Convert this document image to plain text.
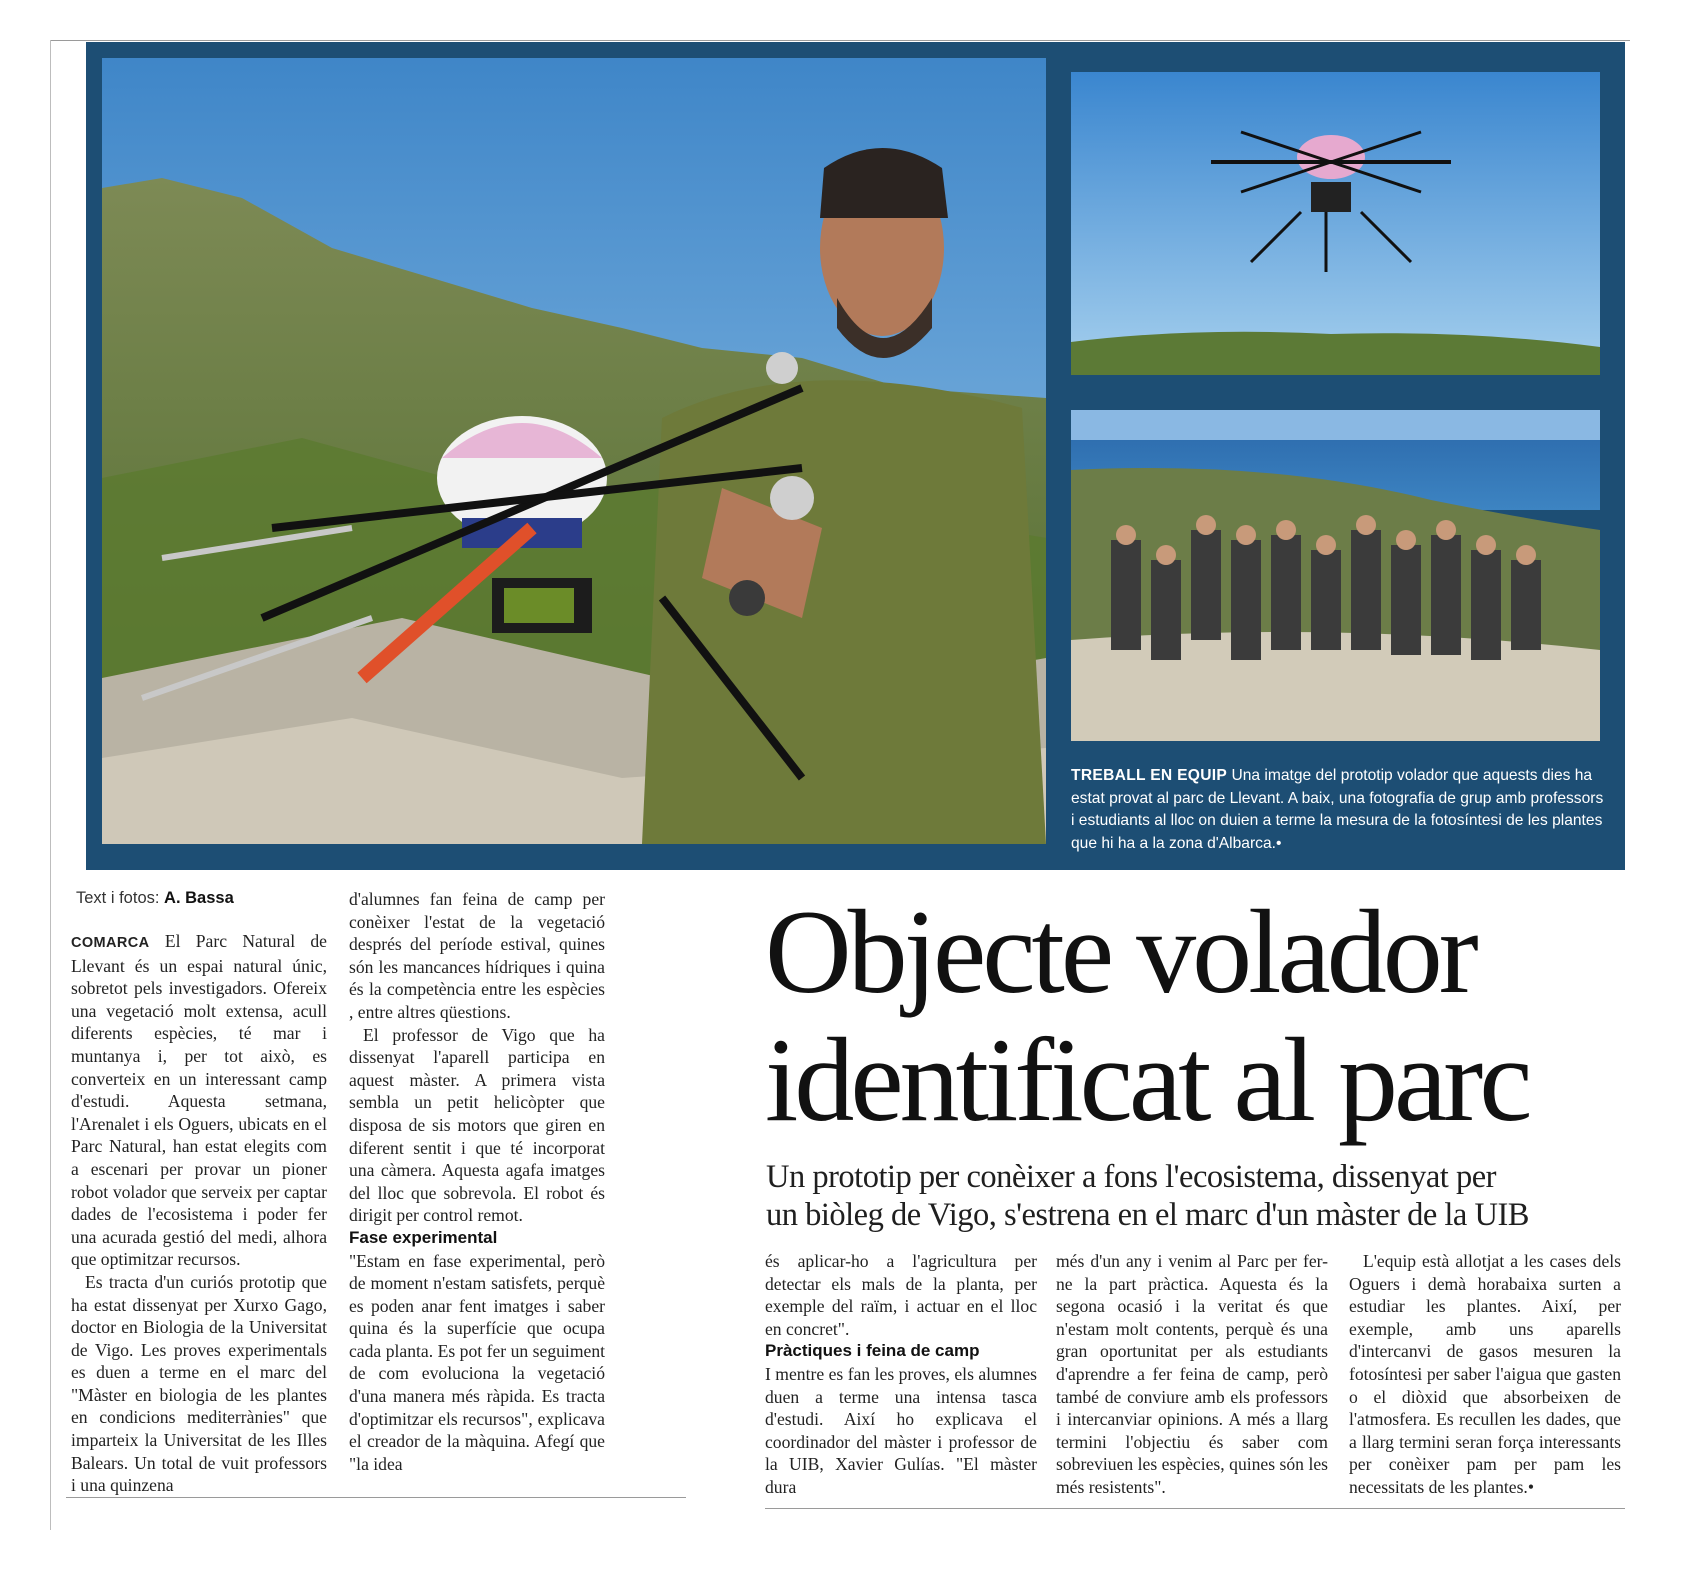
TREBALL EN EQUIP Una imatge del prototip volador que aquests dies ha estat provat al parc de Llevant. A baix, una fotografia de grup amb professors i estudiants al lloc on duien a terme la mesura de la fotosíntesi de les plantes que hi ha a la zona d'Albarca.•
Text i fotos: A. Bassa

COMARCA El Parc Natural de Llevant és un espai natural únic, sobretot pels investigadors. Ofereix una vegetació molt extensa, acull diferents espècies, té mar i muntanya i, per tot això, es converteix en un interessant camp d'estudi. Aquesta setmana, l'Arenalet i els Oguers, ubicats en el Parc Natural, han estat elegits com a escenari per provar un pioner robot volador que serveix per captar dades de l'ecosistema i poder fer una acurada gestió del medi, alhora que optimitzar recursos.

Es tracta d'un curiós prototip que ha estat dissenyat per Xurxo Gago, doctor en Biologia de la Universitat de Vigo. Les proves experimentals es duen a terme en el marc del "Màster en biologia de les plantes en condicions mediterrànies" que imparteix la Universitat de les Illes Balears. Un total de vuit professors i una quinzena

d'alumnes fan feina de camp per conèixer l'estat de la vegetació després del període estival, quines són les mancances hídriques i quina és la competència entre les espècies , entre altres qüestions.

El professor de Vigo que ha dissenyat l'aparell participa en aquest màster. A primera vista sembla un petit helicòpter que disposa de sis motors que giren en diferent sentit i que té incorporat una càmera. Aquesta agafa imatges del lloc que sobrevola. El robot és dirigit per control remot.

Fase experimental

"Estam en fase experimental, però de moment n'estam satisfets, perquè es poden anar fent imatges i saber quina és la superfície que ocupa cada planta. Es pot fer un seguiment de com evoluciona la vegetació d'una manera més ràpida. Es tracta d'optimitzar els recursos", explicava el creador de la màquina. Afegí que "la idea

Objecte volador
identificat al parc
Un prototip per conèixer a fons l'ecosistema, dissenyat per
un biòleg de Vigo, s'estrena en el marc d'un màster de la UIB

és aplicar-ho a l'agricultura per detectar els mals de la planta, per exemple del raïm, i actuar en el lloc en concret".

Pràctiques i feina de camp

I mentre es fan les proves, els alumnes duen a terme una intensa tasca d'estudi. Així ho explicava el coordinador del màster i professor de la UIB, Xavier Gulías. "El màster dura

més d'un any i venim al Parc per fer-ne la part pràctica. Aquesta és la segona ocasió i la veritat és que n'estam molt contents, perquè és una gran oportunitat per als estudiants d'aprendre a fer feina de camp, però també de conviure amb els professors i intercanviar opinions. A més a llarg termini l'objectiu és saber com sobreviuen les espècies, quines són les més resistents".

L'equip està allotjat a les cases dels Oguers i demà horabaixa surten a estudiar les plantes. Així, per exemple, amb uns aparells d'intercanvi de gasos mesuren la fotosíntesi per saber l'aigua que gasten o el diòxid que absorbeixen de l'atmosfera. Es recullen les dades, que a llarg termini seran força interessants per conèixer pam per pam les necessitats de les plantes.•
